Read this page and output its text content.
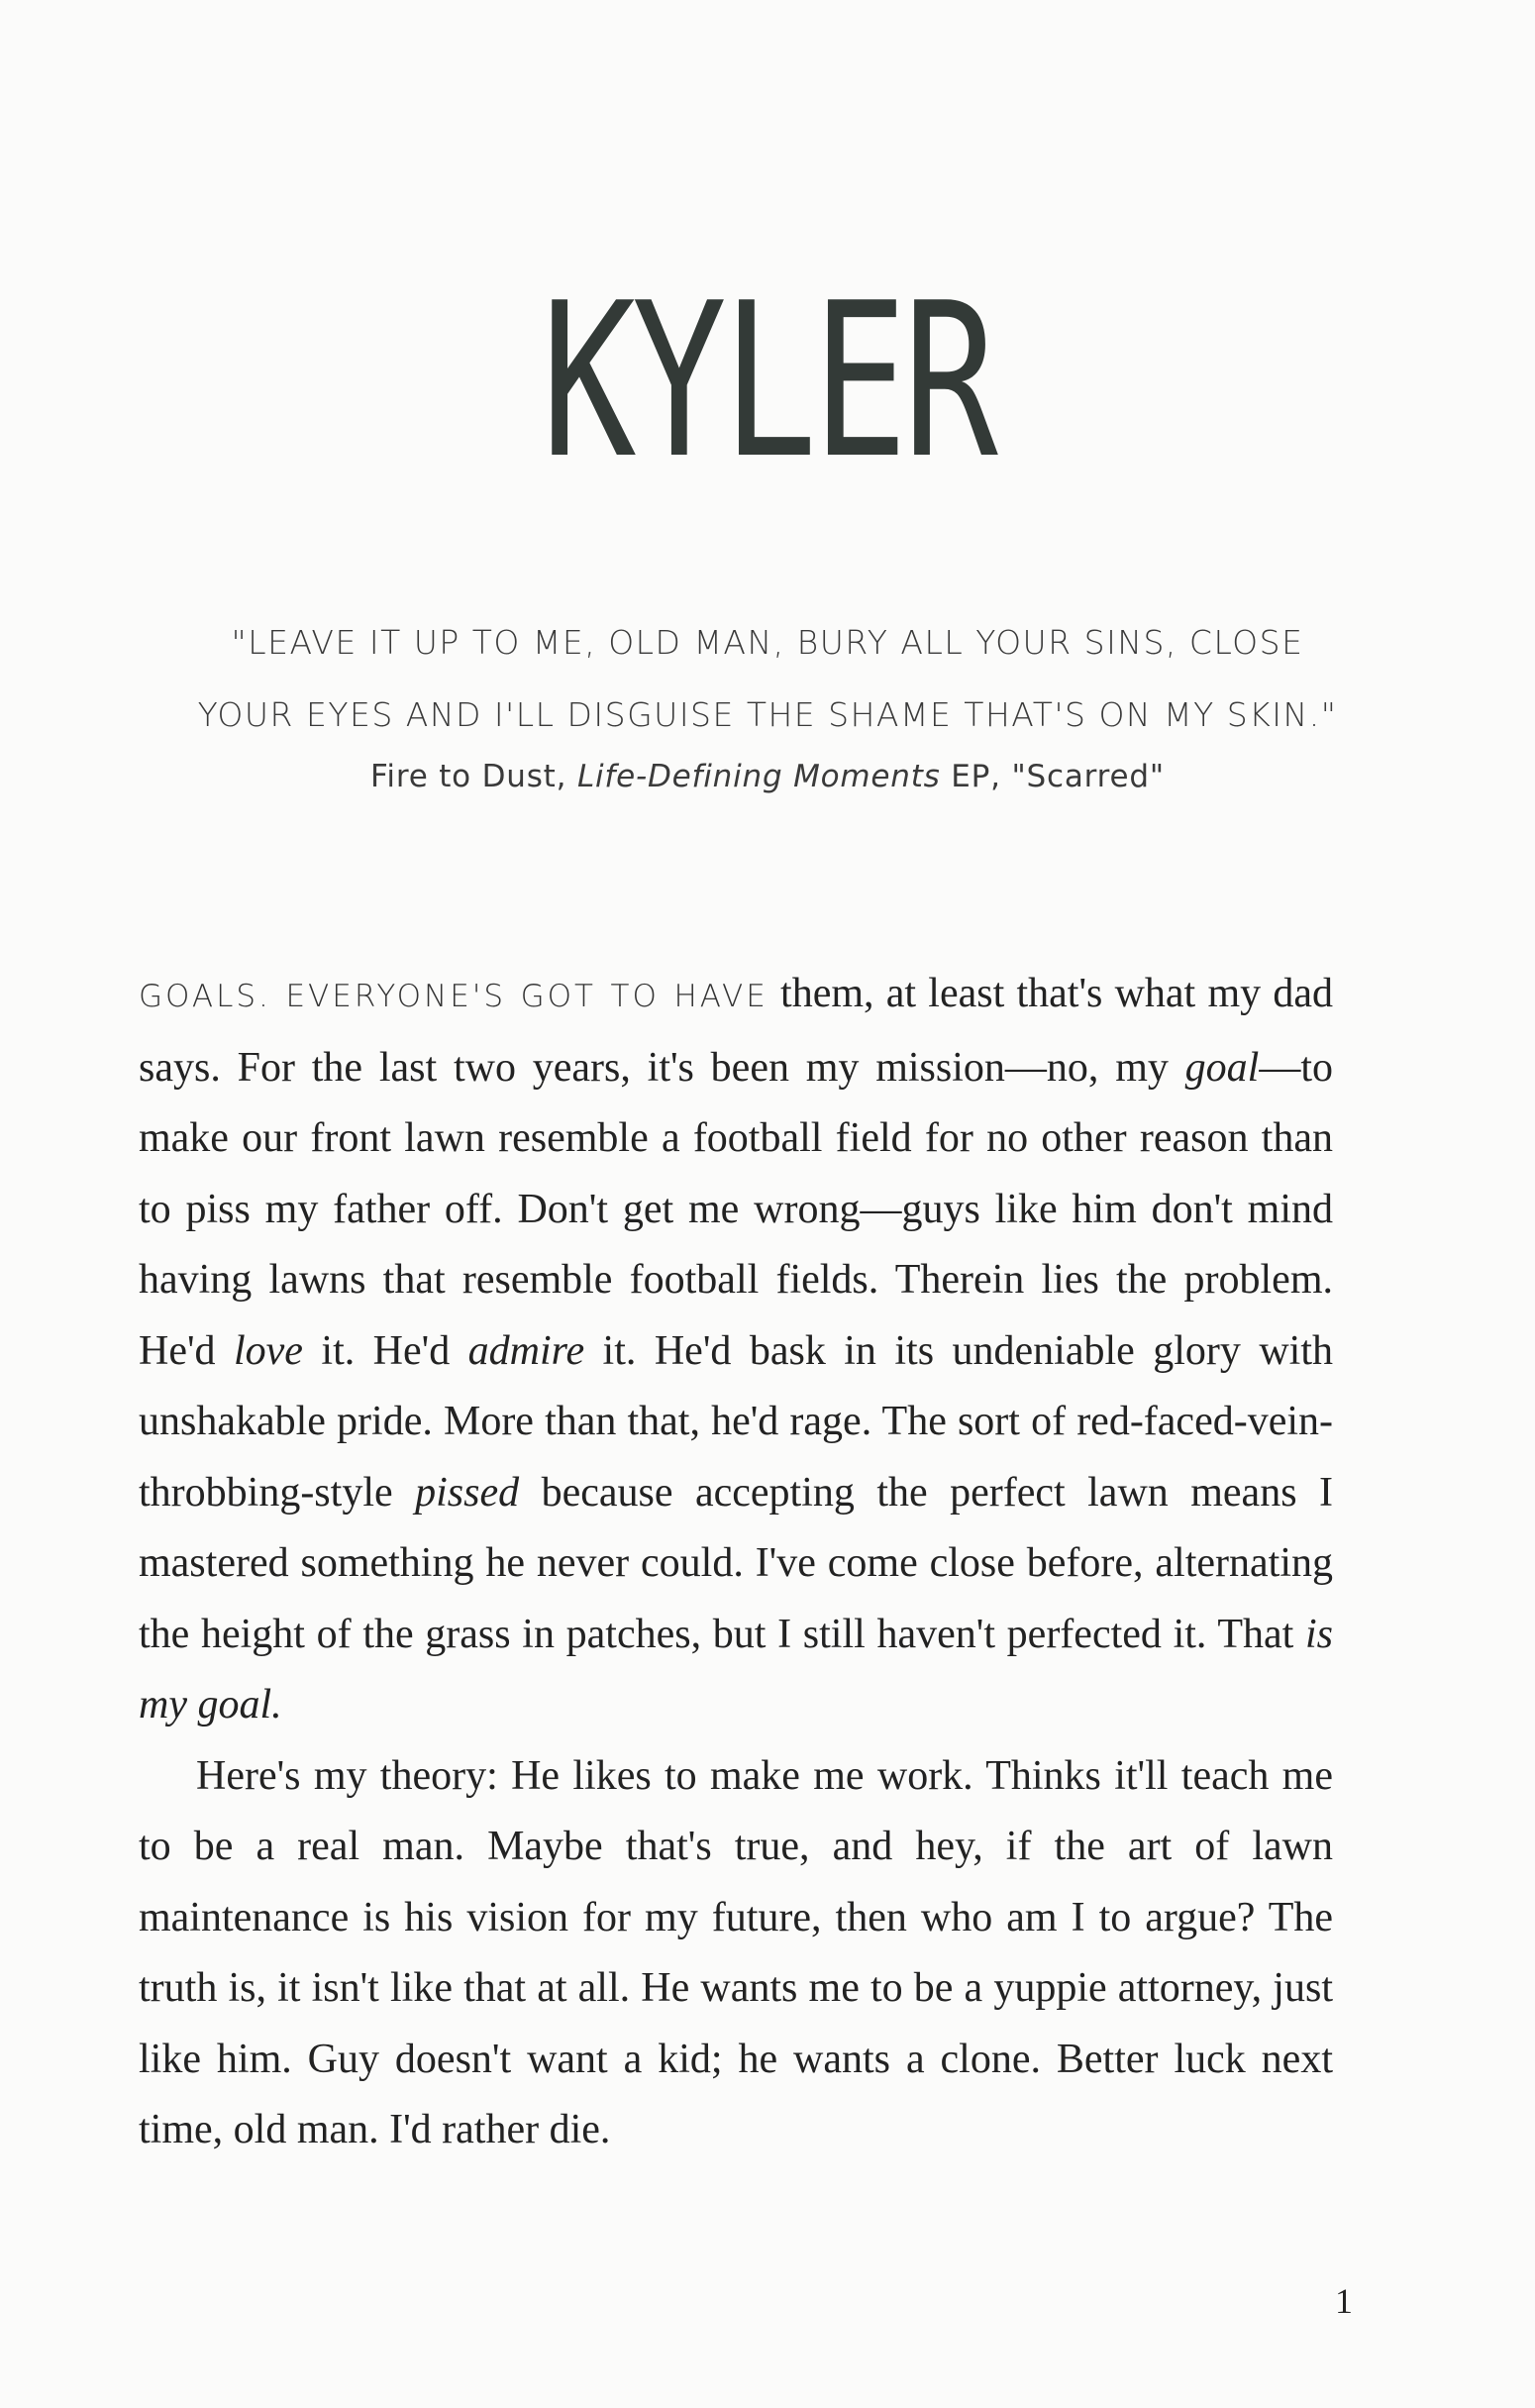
KYLER
"LEAVE IT UP TO ME, OLD MAN, BURY ALL YOUR SINS, CLOSE
YOUR EYES AND I'LL DISGUISE THE SHAME THAT'S ON MY SKIN."
Fire to Dust, Life-Defining Moments EP, "Scarred"

GOALS. EVERYONE'S GOT TO HAVE them, at least that's what my dad says. For the last two years, it's been my mission—no, my goal—to make our front lawn resemble a football field for no other reason than to piss my father off. Don't get me wrong—guys like him don't mind having lawns that resemble football fields. Therein lies the problem. He'd love it. He'd admire it. He'd bask in its undeniable glory with unshakable pride. More than that, he'd rage. The sort of red-faced-vein-throbbing-style pissed because accepting the perfect lawn means I mastered something he never could. I've come close before, alternating the height of the grass in patches, but I still haven't perfected it. That is my goal.

Here's my theory: He likes to make me work. Thinks it'll teach me to be a real man. Maybe that's true, and hey, if the art of lawn maintenance is his vision for my future, then who am I to argue? The truth is, it isn't like that at all. He wants me to be a yuppie attorney, just like him. Guy doesn't want a kid; he wants a clone. Better luck next time, old man. I'd rather die.

1
